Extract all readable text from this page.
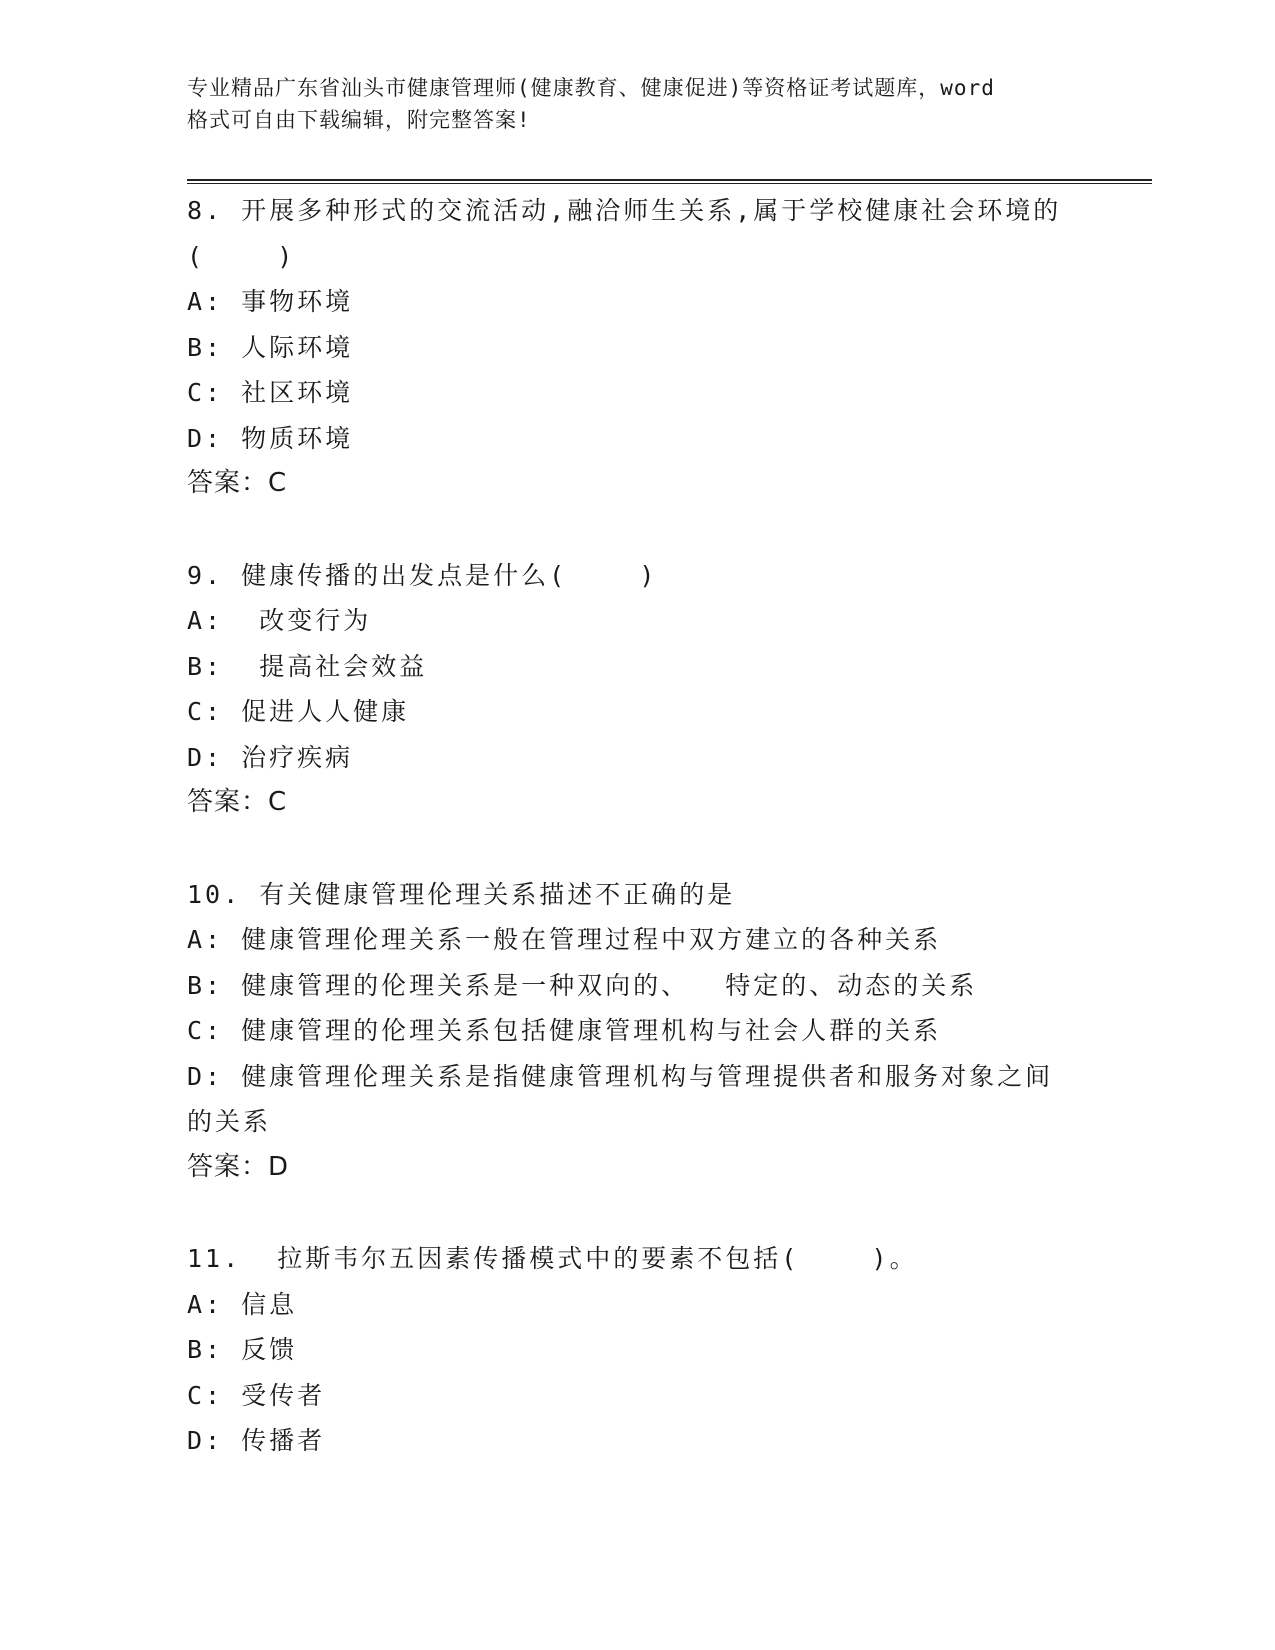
专业精品广东省汕头市健康管理师(健康教育、健康促进)等资格证考试题库，word
格式可自由下载编辑，附完整答案!
8. 开展多种形式的交流活动,融洽师生关系,属于学校健康社会环境的
(    )
A: 事物环境
B: 人际环境
C: 社区环境
D: 物质环境
答案：C
9. 健康传播的出发点是什么(    )
A:  改变行为
B:  提高社会效益
C: 促进人人健康
D: 治疗疾病
答案：C
10. 有关健康管理伦理关系描述不正确的是
A: 健康管理伦理关系一般在管理过程中双方建立的各种关系
B: 健康管理的伦理关系是一种双向的、  特定的、动态的关系
C: 健康管理的伦理关系包括健康管理机构与社会人群的关系
D: 健康管理伦理关系是指健康管理机构与管理提供者和服务对象之间
的关系
答案：D
11.  拉斯韦尔五因素传播模式中的要素不包括(    )。
A: 信息
B: 反馈
C: 受传者
D: 传播者
